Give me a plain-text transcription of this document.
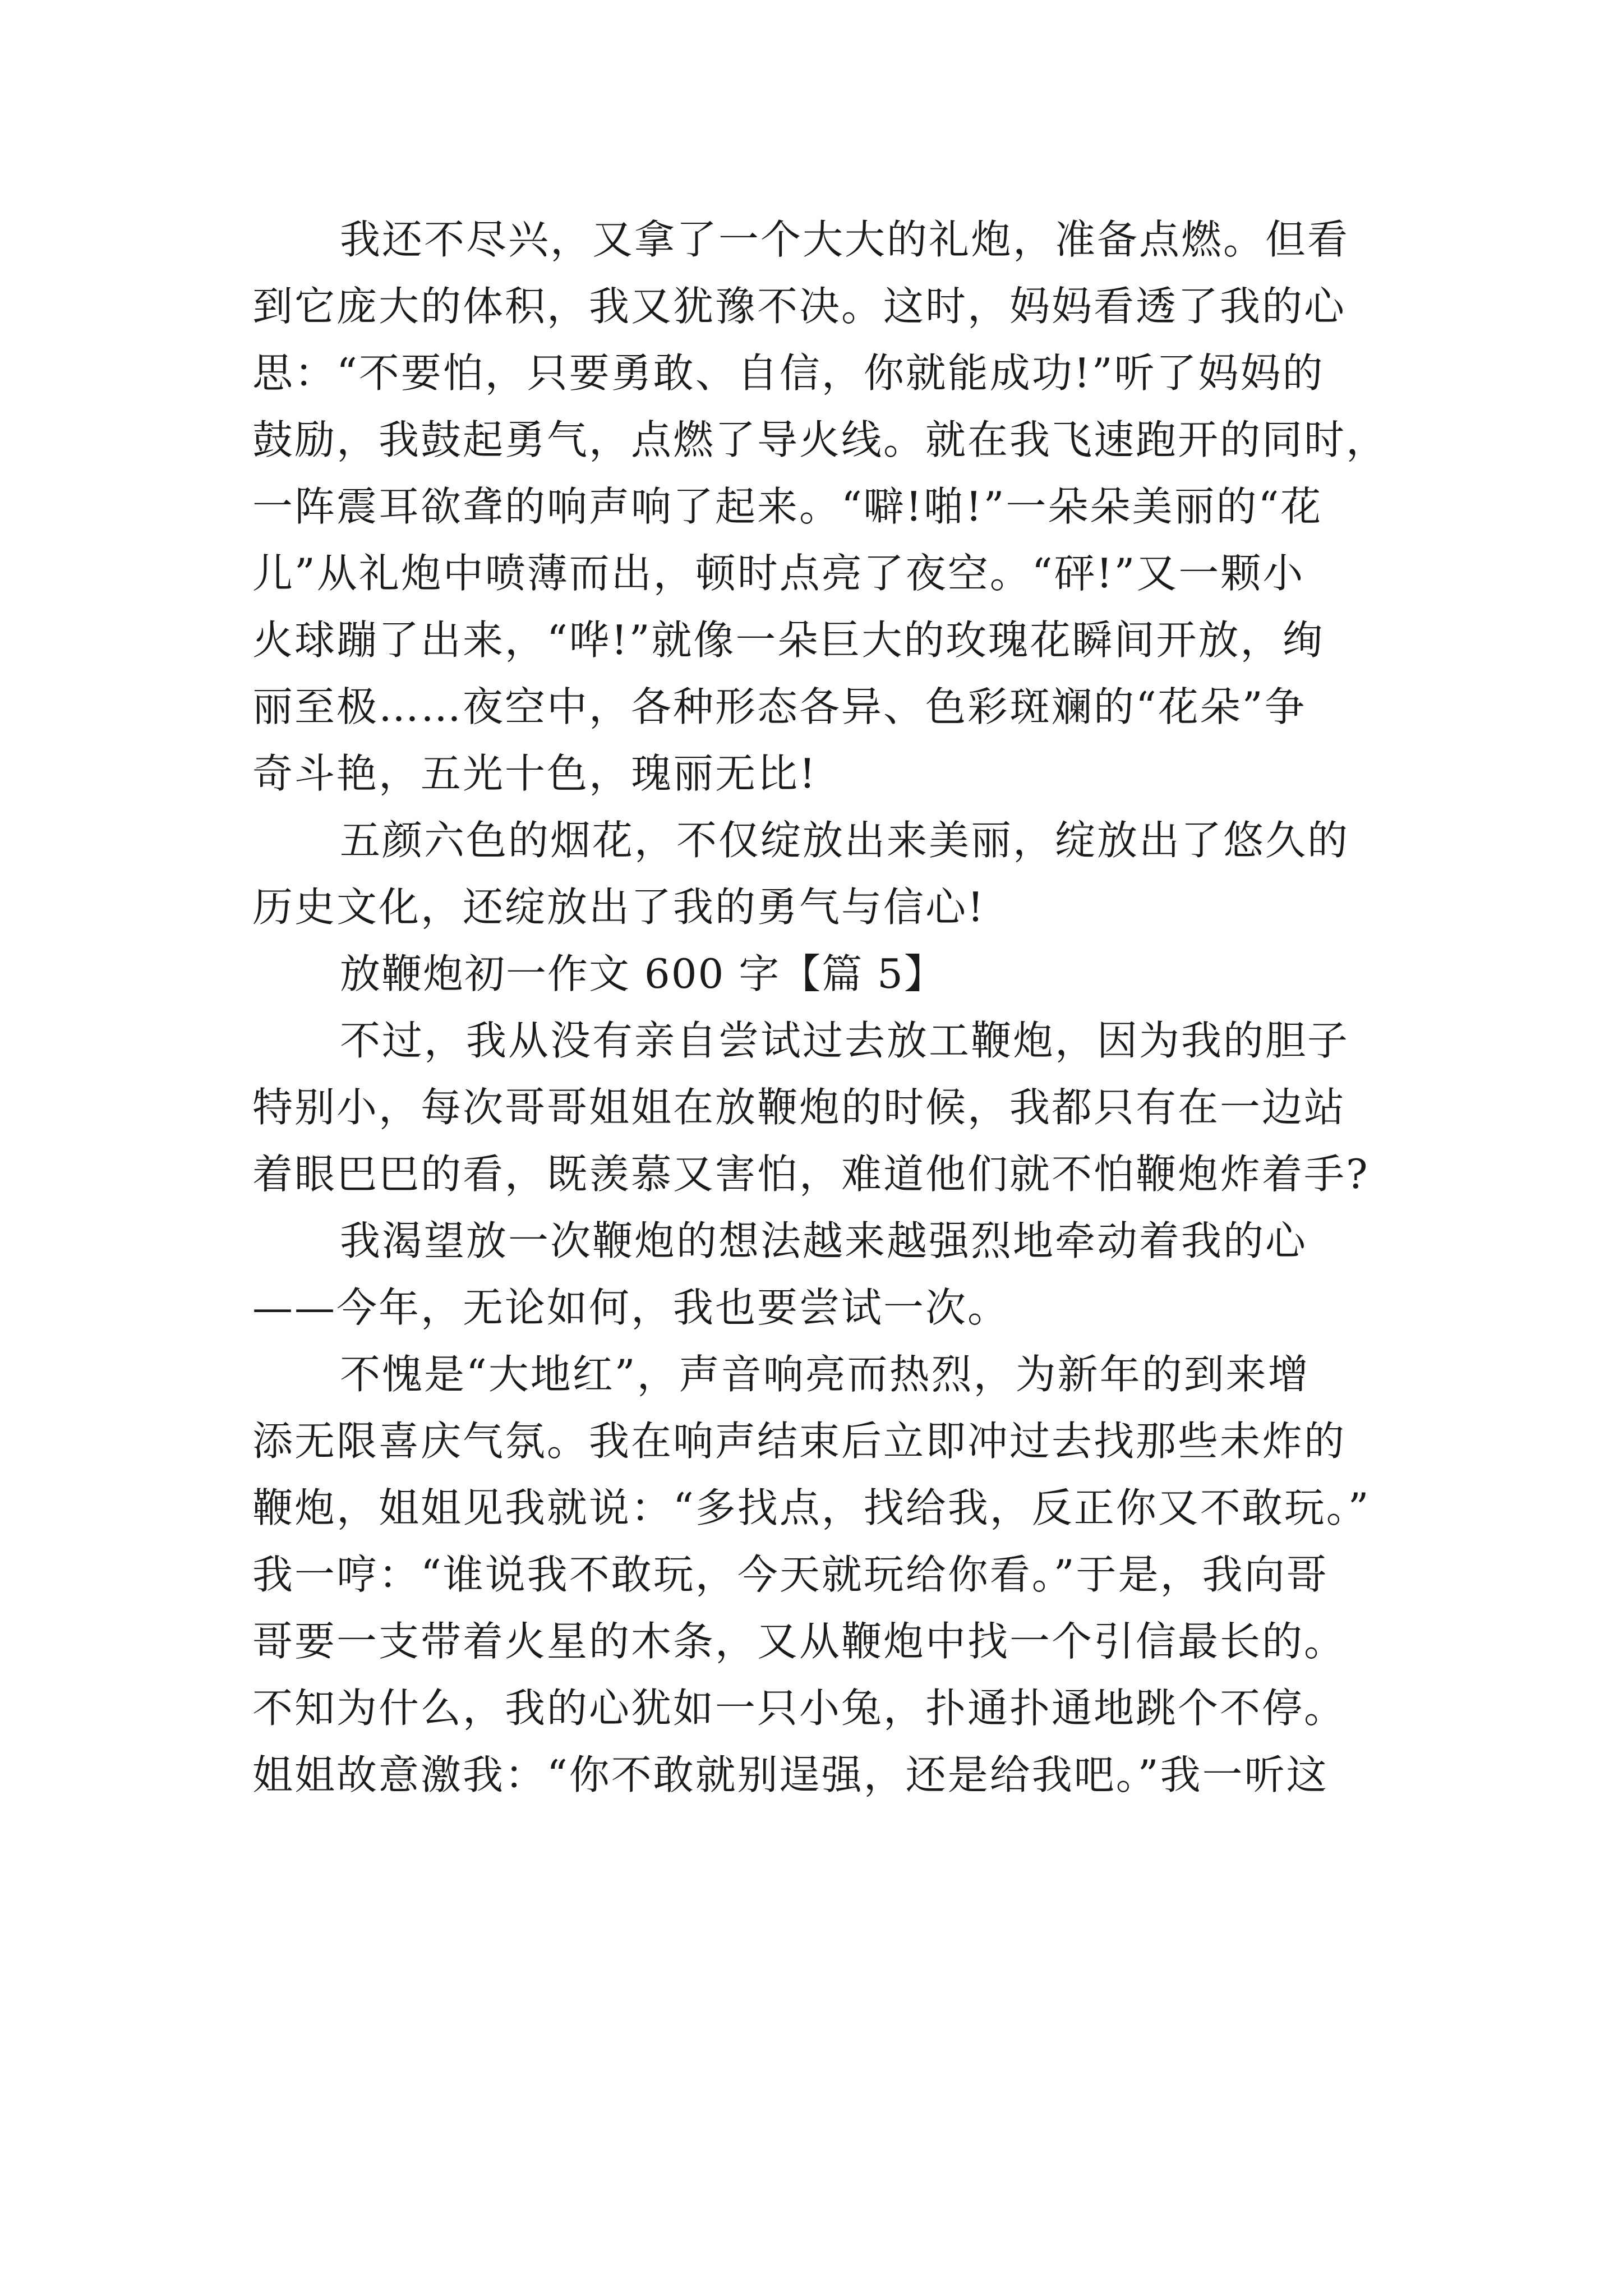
我还不尽兴，又拿了一个大大的礼炮，准备点燃。但看
到它庞大的体积，我又犹豫不决。这时，妈妈看透了我的心
思：“不要怕，只要勇敢、自信，你就能成功!”听了妈妈的
鼓励，我鼓起勇气，点燃了导火线。就在我飞速跑开的同时，
一阵震耳欲聋的响声响了起来。“噼!啪!”一朵朵美丽的“花
儿”从礼炮中喷薄而出，顿时点亮了夜空。“砰!”又一颗小
火球蹦了出来，“哗!”就像一朵巨大的玫瑰花瞬间开放，绚
丽至极……夜空中，各种形态各异、色彩斑斓的“花朵”争
奇斗艳，五光十色，瑰丽无比!
五颜六色的烟花，不仅绽放出来美丽，绽放出了悠久的
历史文化，还绽放出了我的勇气与信心!
放鞭炮初一作文 600 字【篇 5】
不过，我从没有亲自尝试过去放工鞭炮，因为我的胆子
特别小，每次哥哥姐姐在放鞭炮的时候，我都只有在一边站
着眼巴巴的看，既羡慕又害怕，难道他们就不怕鞭炮炸着手?
我渴望放一次鞭炮的想法越来越强烈地牵动着我的心
——今年，无论如何，我也要尝试一次。
不愧是“大地红”，声音响亮而热烈，为新年的到来增
添无限喜庆气氛。我在响声结束后立即冲过去找那些未炸的
鞭炮，姐姐见我就说：“多找点，找给我，反正你又不敢玩。”
我一哼：“谁说我不敢玩，今天就玩给你看。”于是，我向哥
哥要一支带着火星的木条，又从鞭炮中找一个引信最长的。
不知为什么，我的心犹如一只小兔，扑通扑通地跳个不停。
姐姐故意激我：“你不敢就别逞强，还是给我吧。”我一听这
